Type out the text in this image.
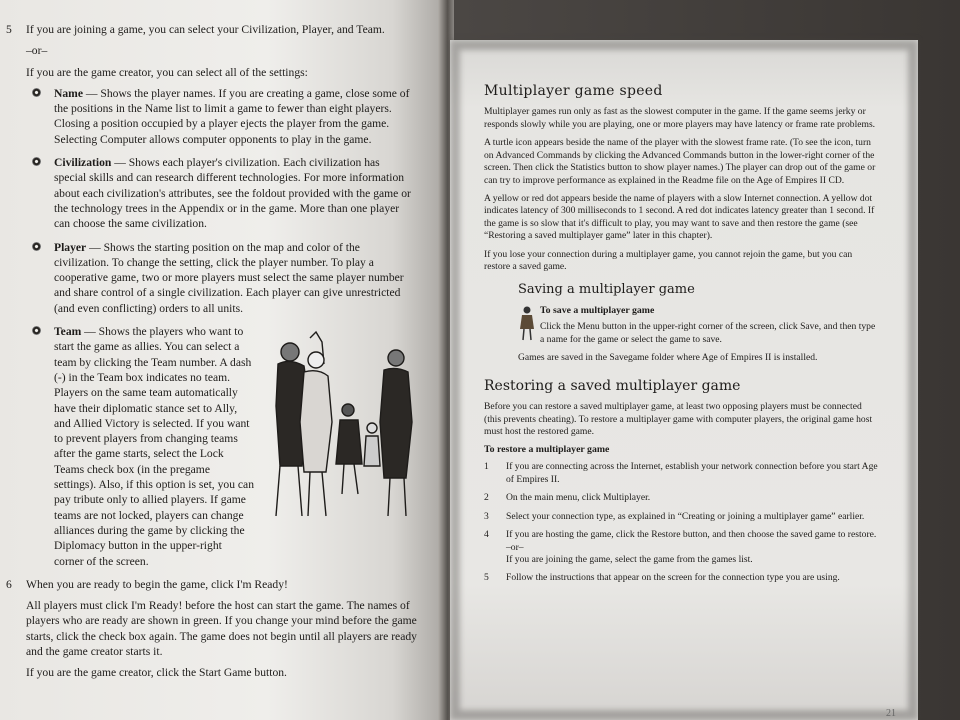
5 If you are joining a game, you can select your Civilization, Player, and Team.

–or–

If you are the game creator, you can select all of the settings:

Name — Shows the player names. If you are creating a game, close some of the positions in the Name list to limit a game to fewer than eight players. Closing a position occupied by a player ejects the player from the game. Selecting Computer allows computer opponents to play in the game.
Civilization — Shows each player's civilization. Each civilization has special skills and can research different technologies. For more information about each civilization's attributes, see the foldout provided with the game or the technology trees in the Appendix or in the game. More than one player can choose the same civilization.
Player — Shows the starting position on the map and color of the civilization. To change the setting, click the player number. To play a cooperative game, two or more players must select the same player number and share control of a single civilization. Each player can give unrestricted (and even conflicting) orders to all units.
Team — Shows the players who want to start the game as allies. You can select a team by clicking the Team number. A dash (-) in the Team box indicates no team. Players on the same team automatically have their diplomatic stance set to Ally, and Allied Victory is selected. If you want to prevent players from changing teams after the game starts, select the Lock Teams check box (in the pregame settings). Also, if this option is set, you can pay tribute only to allied players. If game teams are not locked, players can change alliances during the game by clicking the Diplomacy button in the upper-right corner of the screen.
6 When you are ready to begin the game, click I'm Ready!

All players must click I'm Ready! before the host can start the game. The names of players who are ready are shown in green. If you change your mind before the game starts, click the check box again. The game does not begin until all players are ready and the game creator starts it.

If you are the game creator, click the Start Game button.

Multiplayer game speed

Multiplayer games run only as fast as the slowest computer in the game. If the game seems jerky or responds slowly while you are playing, one or more players may have latency or frame rate problems.

A turtle icon appears beside the name of the player with the slowest frame rate. (To see the icon, turn on Advanced Commands by clicking the Advanced Commands button in the lower-right corner of the screen. Then click the Statistics button to show player names.) The player can drop out of the game or can try to improve performance as explained in the Readme file on the Age of Empires II CD.

A yellow or red dot appears beside the name of players with a slow Internet connection. A yellow dot indicates latency of 300 milliseconds to 1 second. A red dot indicates latency greater than 1 second. If the game is so slow that it's difficult to play, you may want to save and then restore the game (see “Restoring a saved multiplayer game” later in this chapter).

If you lose your connection during a multiplayer game, you cannot rejoin the game, but you can restore a saved game.

Saving a multiplayer game
To save a multiplayer game

Click the Menu button in the upper-right corner of the screen, click Save, and then type a name for the game or select the game to save.

Games are saved in the Savegame folder where Age of Empires II is installed.

Restoring a saved multiplayer game

Before you can restore a saved multiplayer game, at least two opposing players must be connected (this prevents cheating). To restore a multiplayer game with computer players, the original game host must host the restored game.

To restore a multiplayer game
1 If you are connecting across the Internet, establish your network connection before you start Age of Empires II.
2 On the main menu, click Multiplayer.
3 Select your connection type, as explained in “Creating or joining a multiplayer game” earlier.
4 If you are hosting the game, click the Restore button, and then choose the saved game to restore.
–or–
If you are joining the game, select the game from the games list.
5 Follow the instructions that appear on the screen for the connection type you are using.
21
